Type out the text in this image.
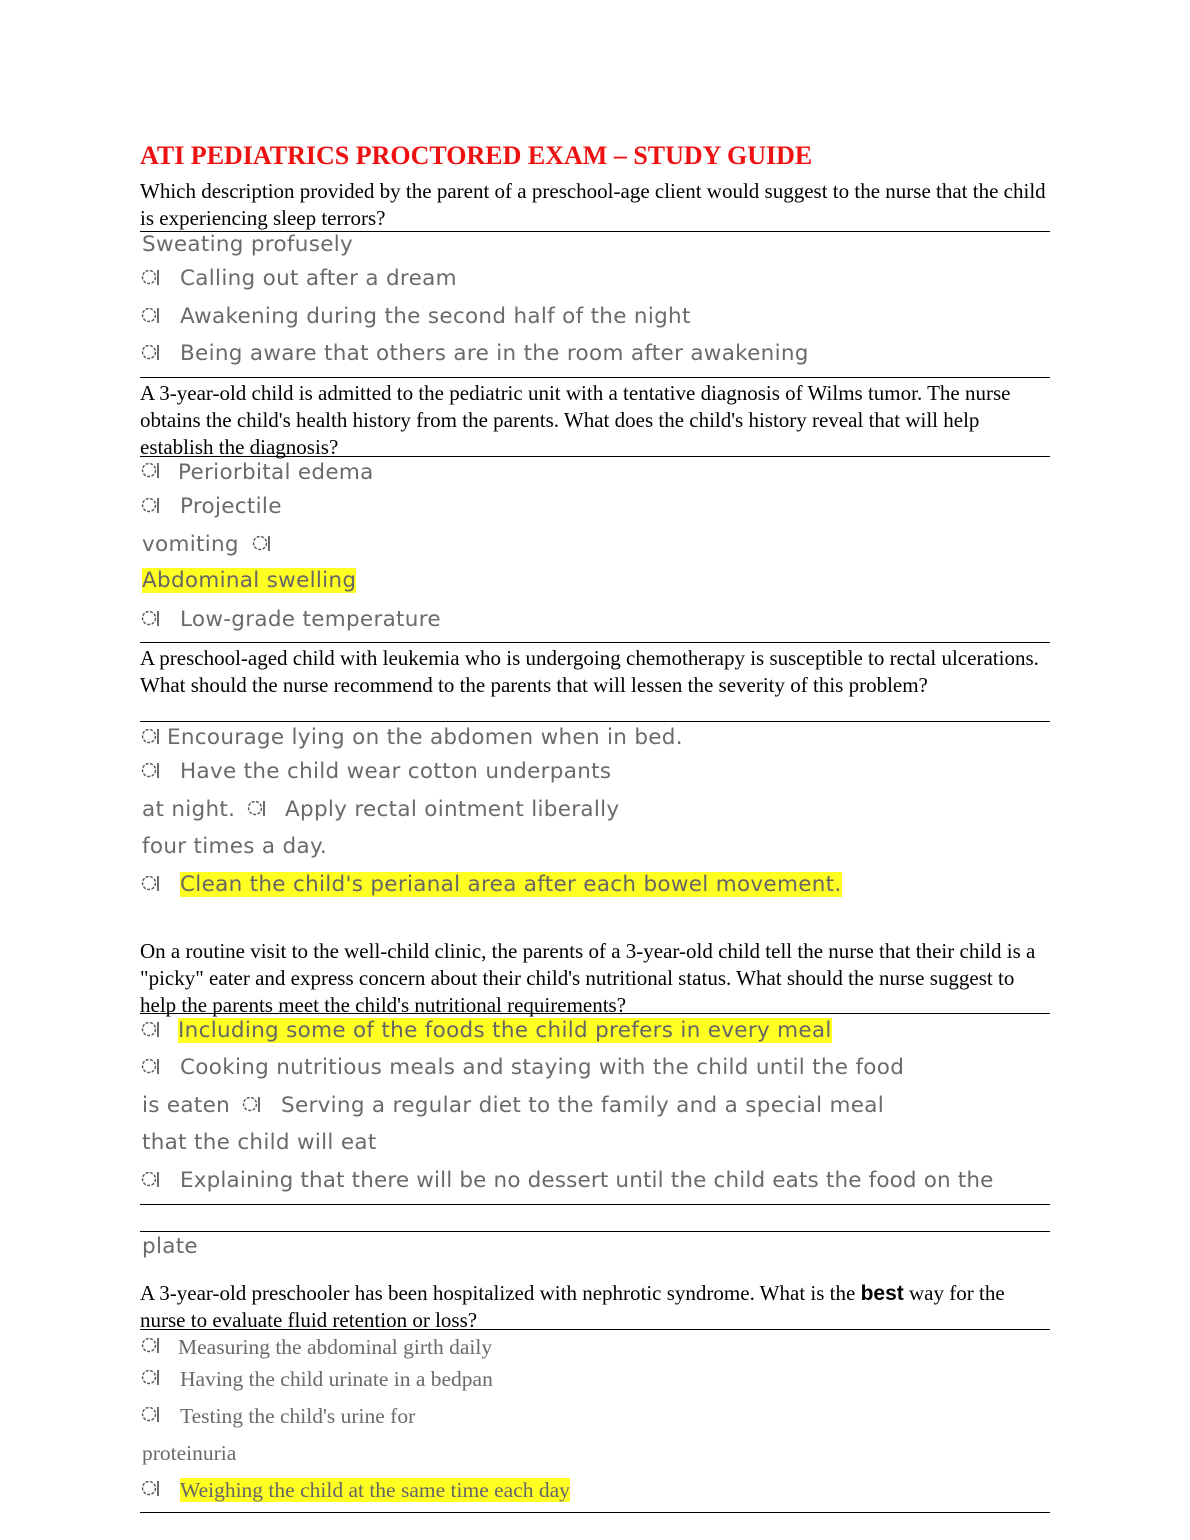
ATI PEDIATRICS PROCTORED EXAM – STUDY GUIDE
Which description provided by the parent of a preschool-age client would suggest to the nurse that the child is experiencing sleep terrors?
Sweating profusely
Calling out after a dream
Awakening during the second half of the night
Being aware that others are in the room after awakening
A 3-year-old child is admitted to the pediatric unit with a tentative diagnosis of Wilms tumor. The nurse obtains the child's health history from the parents. What does the child's history reveal that will help establish the diagnosis?
Periorbital edema
Projectile
vomiting
Abdominal swelling
Low-grade temperature
A preschool-aged child with leukemia who is undergoing chemotherapy is susceptible to rectal ulcerations. What should the nurse recommend to the parents that will lessen the severity of this problem?
Encourage lying on the abdomen when in bed.
Have the child wear cotton underpants
at night. Apply rectal ointment liberally
four times a day.
Clean the child's perianal area after each bowel movement.
On a routine visit to the well-child clinic, the parents of a 3-year-old child tell the nurse that their child is a "picky" eater and express concern about their child's nutritional status. What should the nurse suggest to help the parents meet the child's nutritional requirements?
Including some of the foods the child prefers in every meal
Cooking nutritious meals and staying with the child until the food
is eaten Serving a regular diet to the family and a special meal
that the child will eat
Explaining that there will be no dessert until the child eats the food on the
plate
A 3-year-old preschooler has been hospitalized with nephrotic syndrome. What is the best way for the nurse to evaluate fluid retention or loss?
Measuring the abdominal girth daily
Having the child urinate in a bedpan
Testing the child's urine for
proteinuria
Weighing the child at the same time each day
